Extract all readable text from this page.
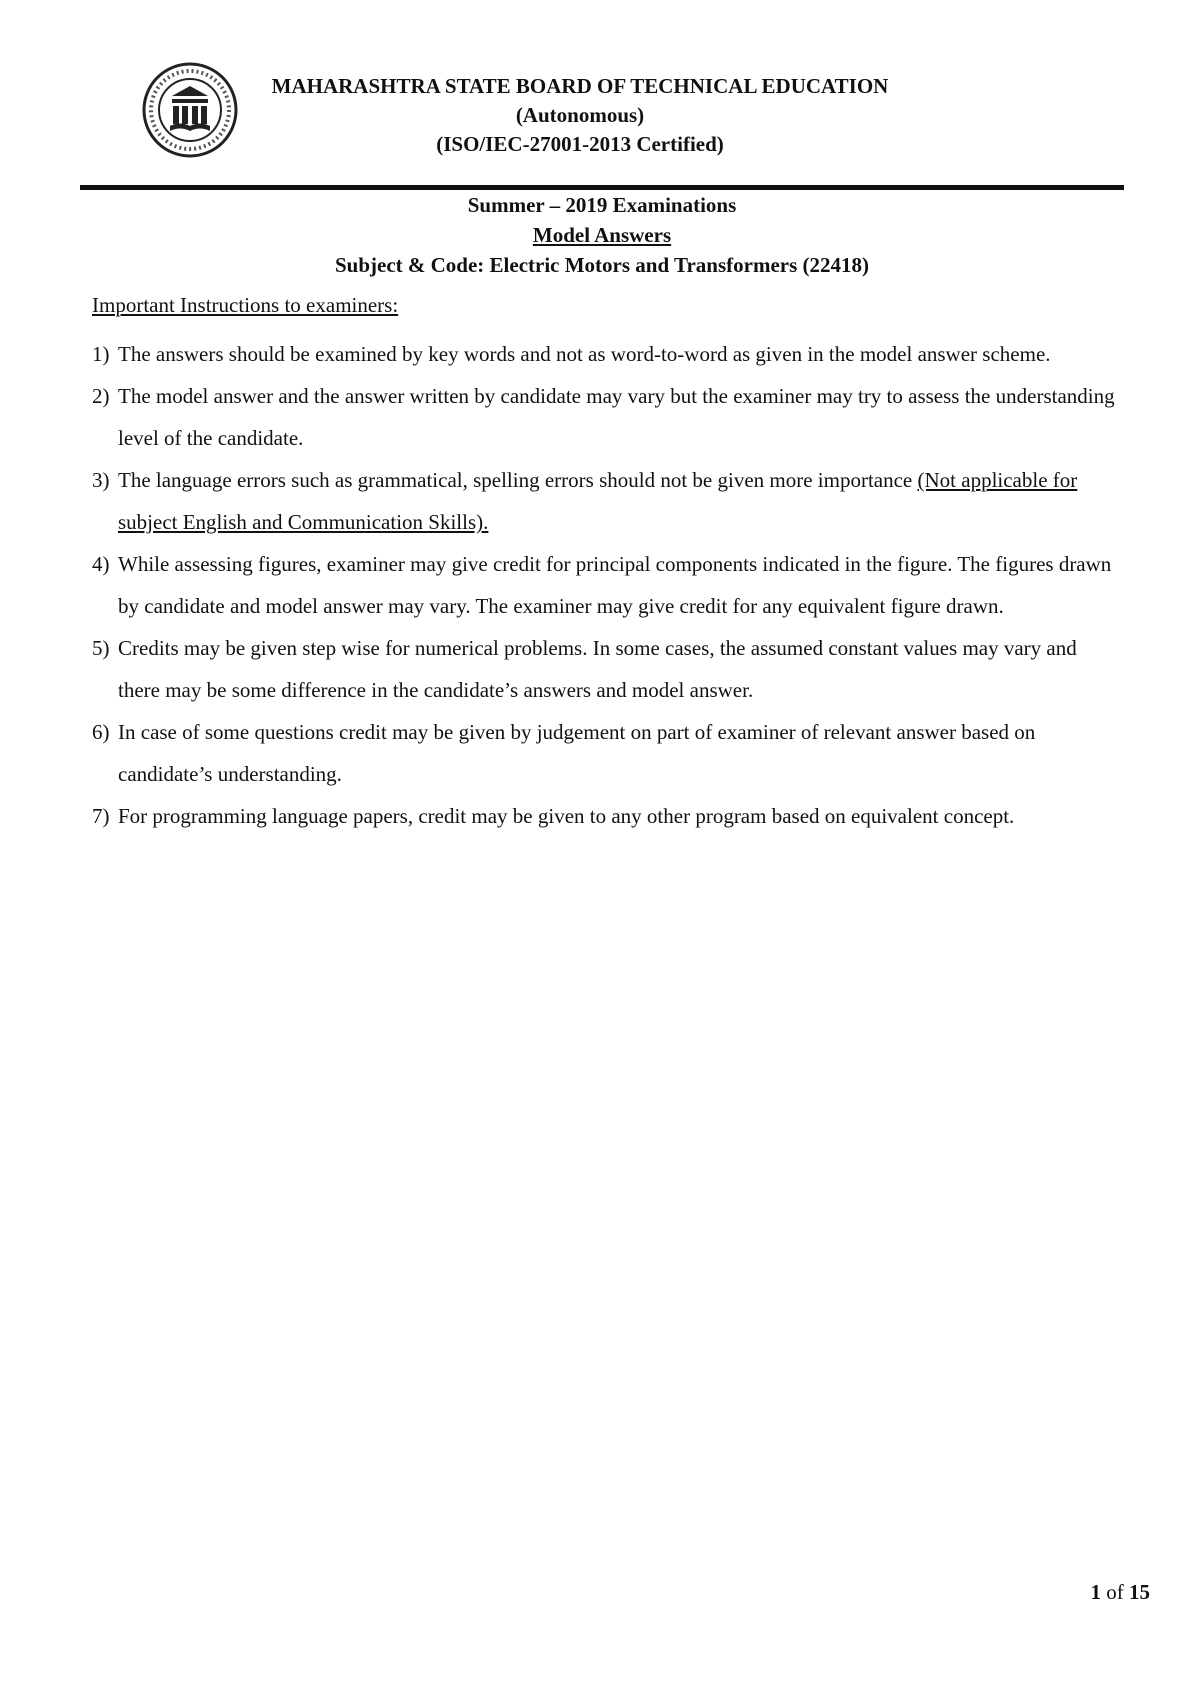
MAHARASHTRA STATE BOARD OF TECHNICAL EDUCATION
(Autonomous)
(ISO/IEC-27001-2013 Certified)
Summer – 2019 Examinations
Model Answers
Subject & Code: Electric Motors and Transformers (22418)
Important Instructions to examiners:
1) The answers should be examined by key words and not as word-to-word as given in the model answer scheme.
2) The model answer and the answer written by candidate may vary but the examiner may try to assess the understanding level of the candidate.
3) The language errors such as grammatical, spelling errors should not be given more importance (Not applicable for subject English and Communication Skills).
4) While assessing figures, examiner may give credit for principal components indicated in the figure. The figures drawn by candidate and model answer may vary. The examiner may give credit for any equivalent figure drawn.
5) Credits may be given step wise for numerical problems. In some cases, the assumed constant values may vary and there may be some difference in the candidate’s answers and model answer.
6) In case of some questions credit may be given by judgement on part of examiner of relevant answer based on candidate’s understanding.
7) For programming language papers, credit may be given to any other program based on equivalent concept.
1 of 15
